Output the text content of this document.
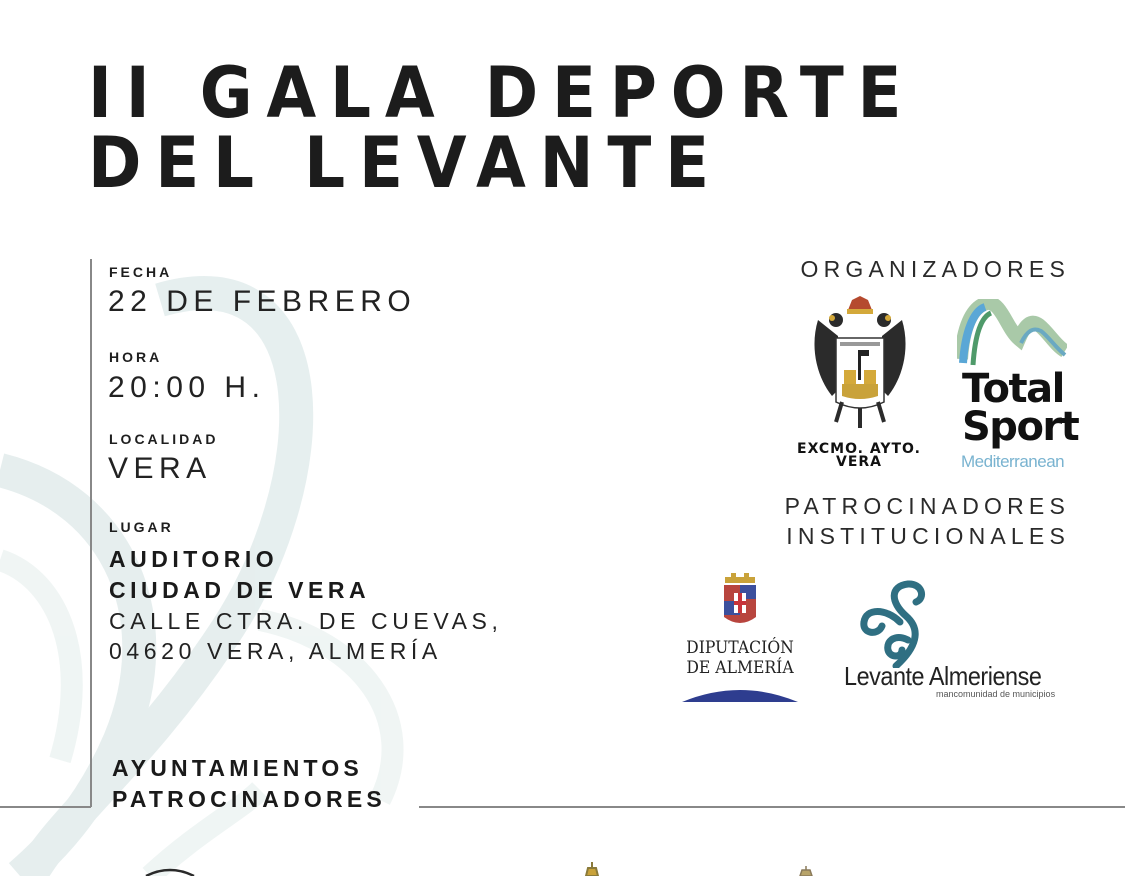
II GALA DEPORTE
DEL LEVANTE
FECHA
22 DE FEBRERO
HORA
20:00 H.
LOCALIDAD
VERA
LUGAR
AUDITORIO
CIUDAD DE VERA
CALLE CTRA. DE CUEVAS,
04620 VERA, ALMERÍA
ORGANIZADORES
EXCMO. AYTO.
VERA
Total
Sport
Mediterranean
PATROCINADORES
INSTITUCIONALES
DIPUTACIÓN
DE ALMERÍA Levante Almeriense
mancomunidad de municipios
AYUNTAMIENTOS
PATROCINADORES
